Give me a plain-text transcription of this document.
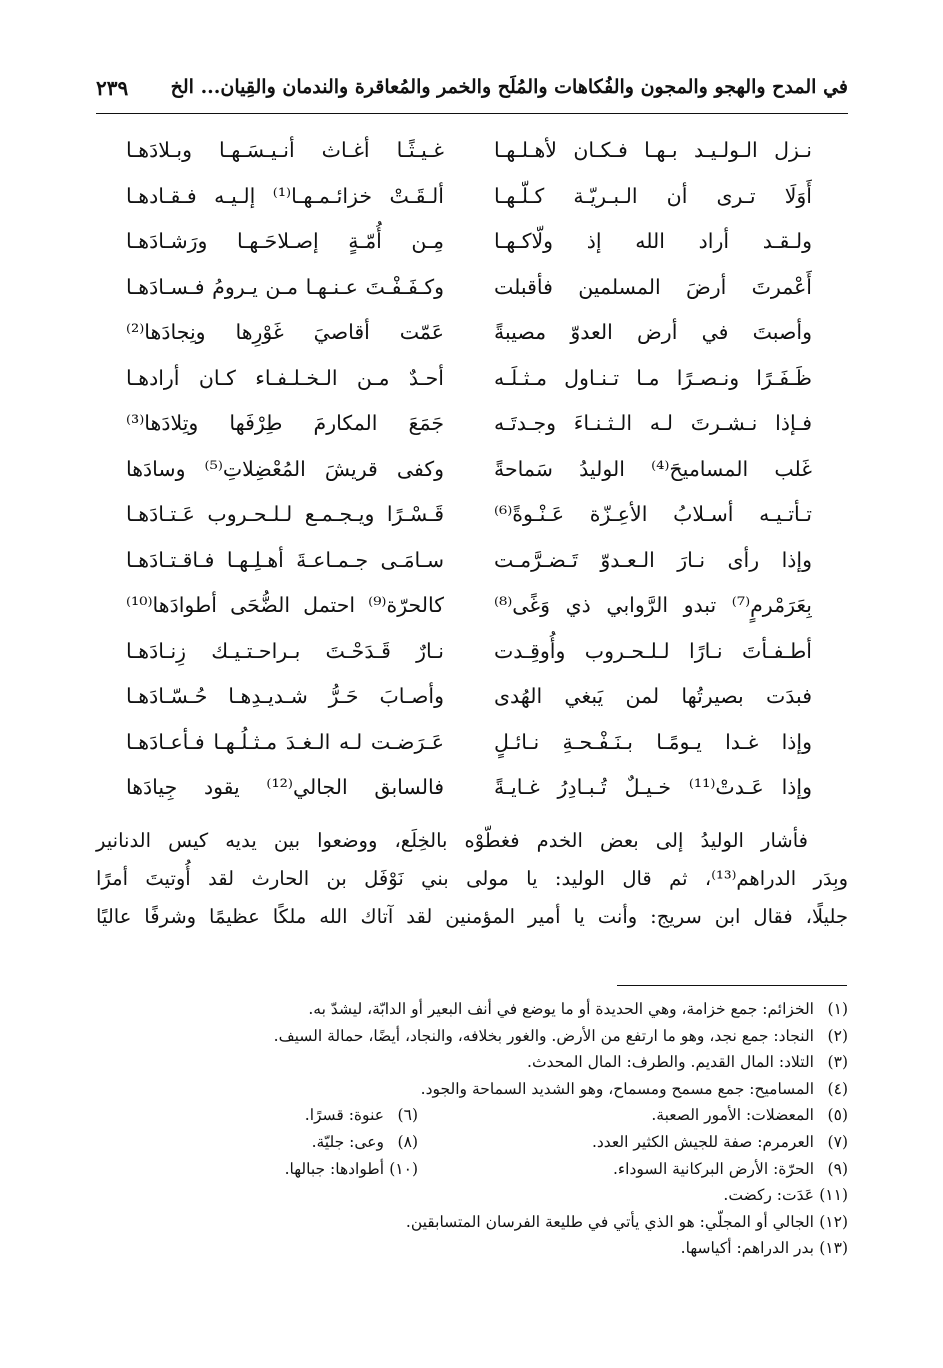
في المدح والهجو والمجون والفُكاهات والمُلَح والخمر والمُعاقرة والندمان والقِيان... الخ
٢٣٩
نـزل الـولـيـد بـهـا فـكـان لأهـلـهـا
غـيـثًـا أغـاث أنـيـسَـهـا وبـلادَهـا
أَوَلَا تـرى أن الـبـريّـة كـلّـهـا
ألـقَـتْ خزائـمـهـا⁽¹⁾ إلـيـه فـقـادهـا
ولـقـد أراد الله إذ ولّاكـهـا
مِـن أُمّـةٍ إصـلاحَـهـا ورَشـادَهـا
أَعْمرتَ أرضَ المسلمين فأقبلت
وكـفَـفْـتَ عـنـهـا مـن يـرومُ فـسـادَهـا
وأصبتَ في أرض العدوّ مصيبةً
عَمّت أقاصيَ غَوْرِها ونِجادَها⁽²⁾
ظَـفَـرًا ونـصـرًا مـا تـنـاول مـثـلَـه
أحـدٌ مـن الـخـلـفـاء كـان أرادهـا
فـإذا نـشـرتَ لـه الـثـنـاءَ وجـدتَـه
جَمَعَ المكارمَ طِرْفَها وتِلادَها⁽³⁾
غَلب المساميحَ⁽⁴⁾ الوليدُ سَماحةً
وكفى قريشَ المُعْضِلاتِ⁽⁵⁾ وسادَها
تـأتـيـه أسـلابُ الأعِـزّة عَـنْـوةً⁽⁶⁾
قَـسْـرًا ويـجـمـع لـلـحـروب عَـتـادَهـا
وإذا رأى نـارَ الـعـدوّ تَـضـرَّمـت
سـامَـى جـمـاعـةَ أهـلِـهـا فـاقـتـادَهـا
بِعَرَمْرمٍ⁽⁷⁾ تبدو الرَّوابي ذي وَغًى⁽⁸⁾
كالحرّة⁽⁹⁾ احتمل الضُّحَى أطوادَها⁽¹⁰⁾
أطـفـأتَ نـارًا لـلـحـروب وأُوقِـدت
نـارٌ قَـدَحْـتَ بـراحـتـيـك زِنـادَهـا
فبدَت بصيرتُها لمن يَبغي الهُدى
وأصـابَ حَـرُّ شـديـدِهـا حُـسّـادَهـا
وإذا غـدا يـومًـا بـنَـفْـحـةِ نـائـلٍ
عَـرَضـت لـه الـغـدَ مـثـلُـهـا فـأعـادَهـا
وإذا عَـدتْ⁽¹¹⁾ خـيـلٌ تُـبـادِرُ غـايـةً
فالسابق الجالي⁽¹²⁾ يقود جِيادَها
فأشار الوليدُ إلى بعض الخدم فغطّوْه بالخِلَع، ووضعوا بين يديه كيس الدنانير
وبِدَر الدراهم⁽¹³⁾، ثم قال الوليد: يا مولى بني نَوْفَل بن الحارث لقد أُوتيتَ أمرًا
جليلًا، فقال ابن سريج: وأنت يا أمير المؤمنين لقد آتاك الله ملكًا عظيمًا وشرفًا عاليًا
(١)الخزائم: جمع خزامة، وهي الحديدة أو ما يوضع في أنف البعير أو الدابّة، ليشدّ به.
(٢)النجاد: جمع نجد، وهو ما ارتفع من الأرض. والغور بخلافه، والنجاد، أيضًا، حمالة السيف.
(٣)التلاد: المال القديم. والطرف: المال المحدث.
(٤)المساميح: جمع مسمح ومسماح، وهو الشديد السماحة والجود.
(٥)المعضلات: الأمور الصعبة.
(٦)عنوة: قسرًا.
(٧)العرمرم: صفة للجيش الكثير العدد.
(٨)وعى: جليّة.
(٩)الحرّة: الأرض البركانية السوداء.
(١٠)أطوادها: جبالها.
(١١)عَدَت: ركضت.
(١٢)الجالي أو المجلّي: هو الذي يأتي في طليعة الفرسان المتسابقين.
(١٣)بدر الدراهم: أكياسها.
